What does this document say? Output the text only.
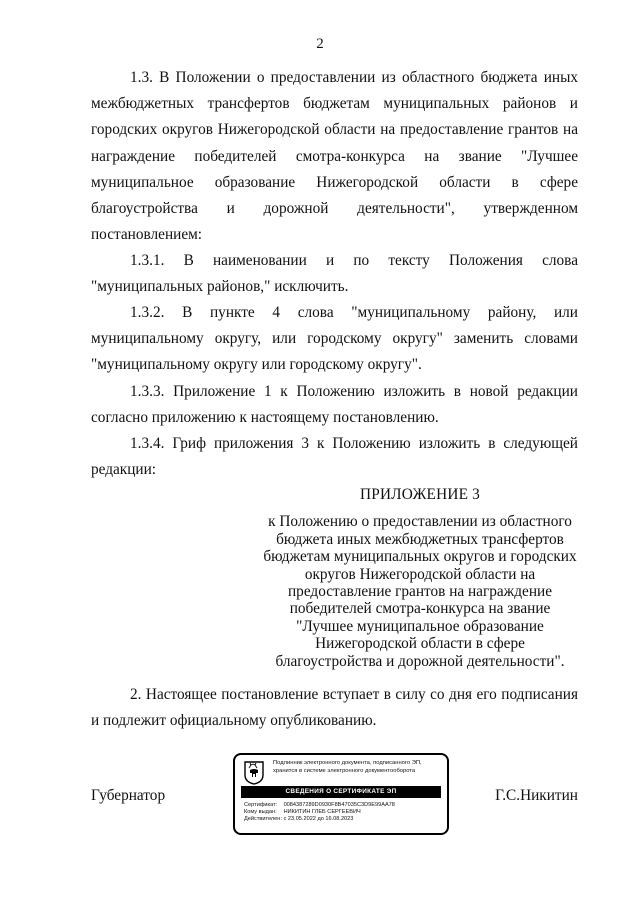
2
1.3. В Положении о предоставлении из областного бюджета иных
межбюджетных трансфертов бюджетам муниципальных районов и
городских округов Нижегородской области на предоставление грантов на
награждение победителей смотра-конкурса на звание "Лучшее
муниципальное образование Нижегородской области в сфере
благоустройства и дорожной деятельности", утвержденном
постановлением:
1.3.1. В наименовании и по тексту Положения слова
"муниципальных районов," исключить.
1.3.2. В пункте 4 слова "муниципальному району, или
муниципальному округу, или городскому округу" заменить словами
"муниципальному округу или городскому округу".
1.3.3. Приложение 1 к Положению изложить в новой редакции
согласно приложению к настоящему постановлению.
1.3.4. Гриф приложения 3 к Положению изложить в следующей
редакции:
ПРИЛОЖЕНИЕ 3
к Положению о предоставлении из областного
бюджета иных межбюджетных трансфертов
бюджетам муниципальных округов и городских
округов Нижегородской области на
предоставление грантов на награждение
победителей смотра-конкурса на звание
"Лучшее муниципальное образование
Нижегородской области в сфере
благоустройства и дорожной деятельности".
2. Настоящее постановление вступает в силу со дня его подписания
и подлежит официальному опубликованию.
Губернатор
Подлинник электронного документа, подписанного ЭП, хранится в системе электронного документооборота
СВЕДЕНИЯ О СЕРТИФИКАТЕ ЭП
Сертификат: 0084387289D0930F8B47035C3D9E99AA78
Кому выдан: НИКИТИН ГЛЕБ СЕРГЕЕВИЧ
Действителен: с 23.05.2022 до 16.08.2023
Г.С.Никитин
